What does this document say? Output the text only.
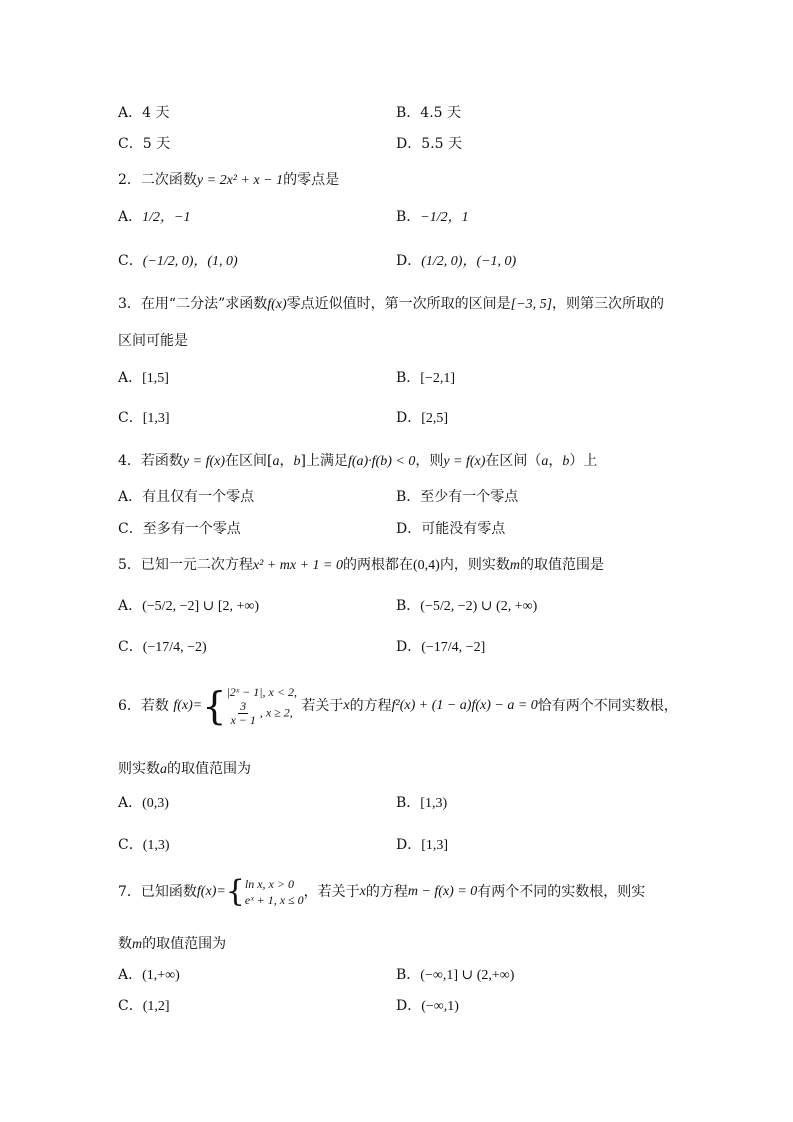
A．4 天	B．4.5 天
C．5 天	D．5.5 天
2．二次函数y = 2x² + x − 1的零点是
A．1/2，−1	B．−1/2，1
C．(−1/2, 0)，(1, 0)	D．(1/2, 0)，(−1, 0)
3．在用“二分法”求函数f(x)零点近似值时，第一次所取的区间是[−3, 5]，则第三次所取的
区间可能是
A．[1,5]	B．[−2,1]
C．[1,3]	D．[2,5]
4．若函数y = f(x)在区间[a，b]上满足f(a)·f(b) < 0，则y = f(x)在区间（a，b）上
A．有且仅有一个零点	B．至少有一个零点
C．至多有一个零点	D．可能没有零点
5．已知一元二次方程x² + mx + 1 = 0的两根都在(0,4)内，则实数m的取值范围是
A．(−5/2, −2] ∪ [2, +∞)	B．(−5/2, −2) ∪ (2, +∞)
C．(−17/4, −2)	D．(−17/4, −2]
6．若数 f(x)={ |2ˣ − 1|, x < 2,
$\frac{3}{x - 1}$ , x ≥ 2, 若关于x的方程f²(x) + (1 − a)f(x) − a = 0恰有两个不同实数根，
则实数a的取值范围为
A．(0,3)	B．[1,3)
C．(1,3)	D．[1,3]
7．已知函数f(x)={ ln x, x > 0
eˣ + 1, x ≤ 0 ，若关于x的方程m − f(x) = 0有两个不同的实数根，则实
数m的取值范围为
A．(1,+∞)	B．(−∞,1] ∪ (2,+∞)
C．(1,2]	D．(−∞,1)
